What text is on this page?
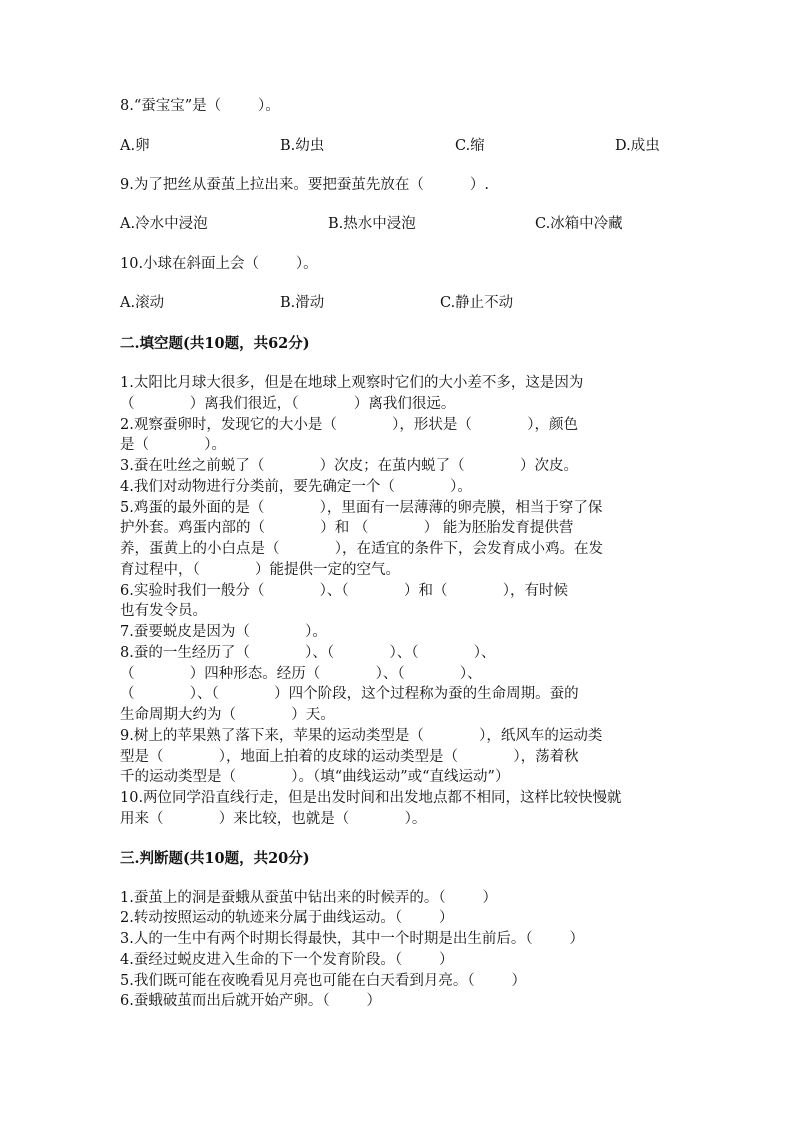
8.“蚕宝宝”是（        ）。
A.卵	B.幼虫	C.缩	D.成虫
9.为了把丝从蚕茧上拉出来。要把蚕茧先放在（          ）.
A.冷水中浸泡	B.热水中浸泡	C.冰箱中冷藏
10.小球在斜面上会（        ）。
A.滚动	B.滑动	C.静止不动
二.填空题(共10题，共62分)
1.太阳比月球大很多，但是在地球上观察时它们的大小差不多，这是因为
（            ）离我们很近，（            ）离我们很远。
2.观察蚕卵时，发现它的大小是（            ），形状是（            ），颜色
是（            ）。
3.蚕在吐丝之前蜕了（            ）次皮；在茧内蜕了（            ）次皮。
4.我们对动物进行分类前，要先确定一个（            ）。
5.鸡蛋的最外面的是（            ），里面有一层薄薄的卵壳膜，相当于穿了保
护外套。鸡蛋内部的（            ）和 （            ） 能为胚胎发育提供营
养，蛋黄上的小白点是（            ），在适宜的条件下，会发育成小鸡。在发
育过程中，（            ）能提供一定的空气。
6.实验时我们一般分（            ）、（            ）和（            ），有时候
也有发令员。
7.蚕要蜕皮是因为（            ）。
8.蚕的一生经历了（            ）、（            ）、（            ）、
（            ）四种形态。经历（            ）、（            ）、
（            ）、（            ）四个阶段，这个过程称为蚕的生命周期。蚕的
生命周期大约为（            ）天。
9.树上的苹果熟了落下来，苹果的运动类型是（            ），纸风车的运动类
型是（            ），地面上拍着的皮球的运动类型是（            ），荡着秋
千的运动类型是（            ）。（填“曲线运动”或“直线运动”）
10.两位同学沿直线行走，但是出发时间和出发地点都不相同，这样比较快慢就
用来（            ）来比较，也就是（            ）。
三.判断题(共10题，共20分)
1.蚕茧上的洞是蚕蛾从蚕茧中钻出来的时候弄的。（        ）
2.转动按照运动的轨迹来分属于曲线运动。（        ）
3.人的一生中有两个时期长得最快，其中一个时期是出生前后。（        ）
4.蚕经过蜕皮进入生命的下一个发育阶段。（        ）
5.我们既可能在夜晚看见月亮也可能在白天看到月亮。（        ）
6.蚕蛾破茧而出后就开始产卵。（        ）
